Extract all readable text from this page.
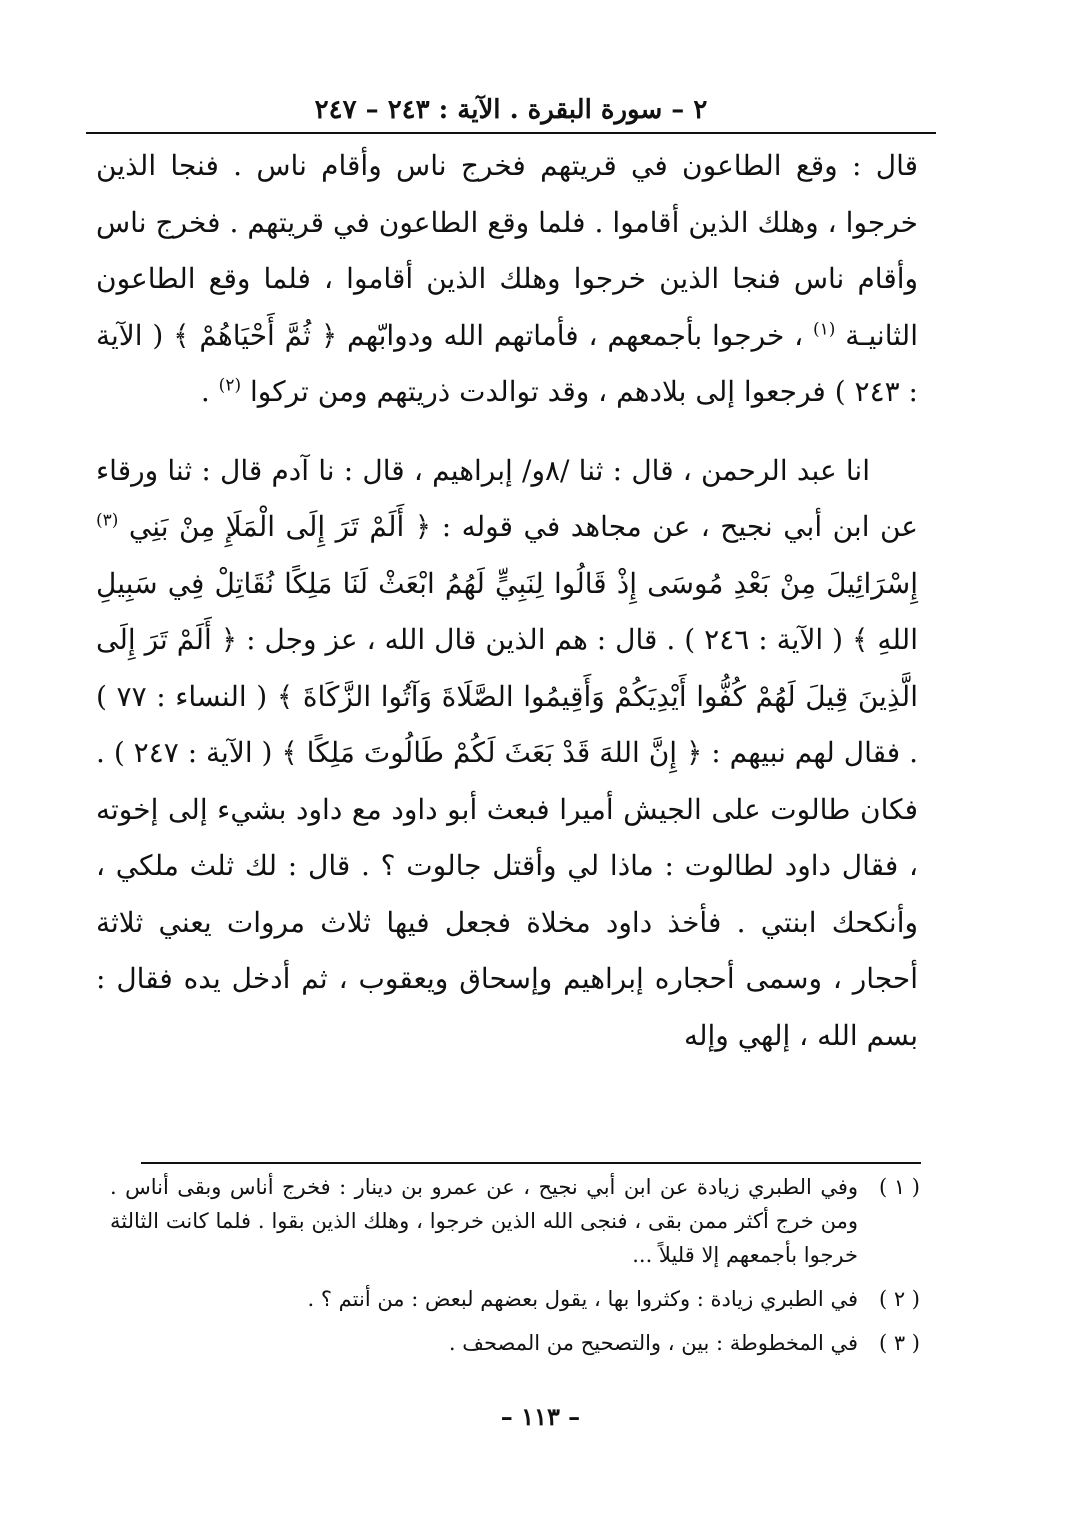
٢ – سورة البقرة . الآية : ٢٤٣ – ٢٤٧

قال : وقع الطاعون في قريتهم فخرج ناس وأقام ناس . فنجا الذين خرجوا ، وهلك الذين أقاموا . فلما وقع الطاعون في قريتهم . فخرج ناس وأقام ناس فنجا الذين خرجوا وهلك الذين أقاموا ، فلما وقع الطاعون الثانيـة $^{(١)}$ ، خرجوا بأجمعهم ، فأماتهم الله ودوابّهم ﴿ ثُمَّ أَحْيَاهُمْ ﴾ ( الآية : ٢٤٣ ) فرجعوا إلى بلادهم ، وقد توالدت ذريتهم ومن تركوا $^{(٢)}$ .

انا عبد الرحمن ، قال : ثنا /٨و/ إبراهيم ، قال : نا آدم قال : ثنا ورقاء عن ابن أبي نجيح ، عن مجاهد في قوله : ﴿ أَلَمْ تَرَ إِلَى الْمَلَإِ مِنْ بَنِي $^{(٣)}$ إِسْرَائِيلَ مِنْ بَعْدِ مُوسَى إِذْ قَالُوا لِنَبِيٍّ لَهُمُ ابْعَثْ لَنَا مَلِكًا نُقَاتِلْ فِي سَبِيلِ اللهِ ﴾ ( الآية : ٢٤٦ ) . قال : هم الذين قال الله ، عز وجل : ﴿ أَلَمْ تَرَ إِلَى الَّذِينَ قِيلَ لَهُمْ كُفُّوا أَيْدِيَكُمْ وَأَقِيمُوا الصَّلَاةَ وَآتُوا الزَّكَاةَ ﴾ ( النساء : ٧٧ ) . فقال لهم نبيهم : ﴿ إِنَّ اللهَ قَدْ بَعَثَ لَكُمْ طَالُوتَ مَلِكًا ﴾ ( الآية : ٢٤٧ ) . فكان طالوت على الجيش أميرا فبعث أبو داود مع داود بشيء إلى إخوته ، فقال داود لطالوت : ماذا لي وأقتل جالوت ؟ . قال : لك ثلث ملكي ، وأنكحك ابنتي . فأخذ داود مخلاة فجعل فيها ثلاث مروات يعني ثلاثة أحجار ، وسمى أحجاره إبراهيم وإسحاق ويعقوب ، ثم أدخل يده فقال : بسم الله ، إلهي وإله

( ١ )
وفي الطبري زيادة عن ابن أبي نجيح ، عن عمرو بن دينار : فخرج أناس وبقى أناس . ومن خرج أكثر ممن بقى ، فنجى الله الذين خرجوا ، وهلك الذين بقوا . فلما كانت الثالثة خرجوا بأجمعهم إلا قليلاً ...
( ٢ )
في الطبري زيادة : وكثروا بها ، يقول بعضهم لبعض : من أنتم ؟ .
( ٣ )
في المخطوطة : بين ، والتصحيح من المصحف .
– ١١٣ –
